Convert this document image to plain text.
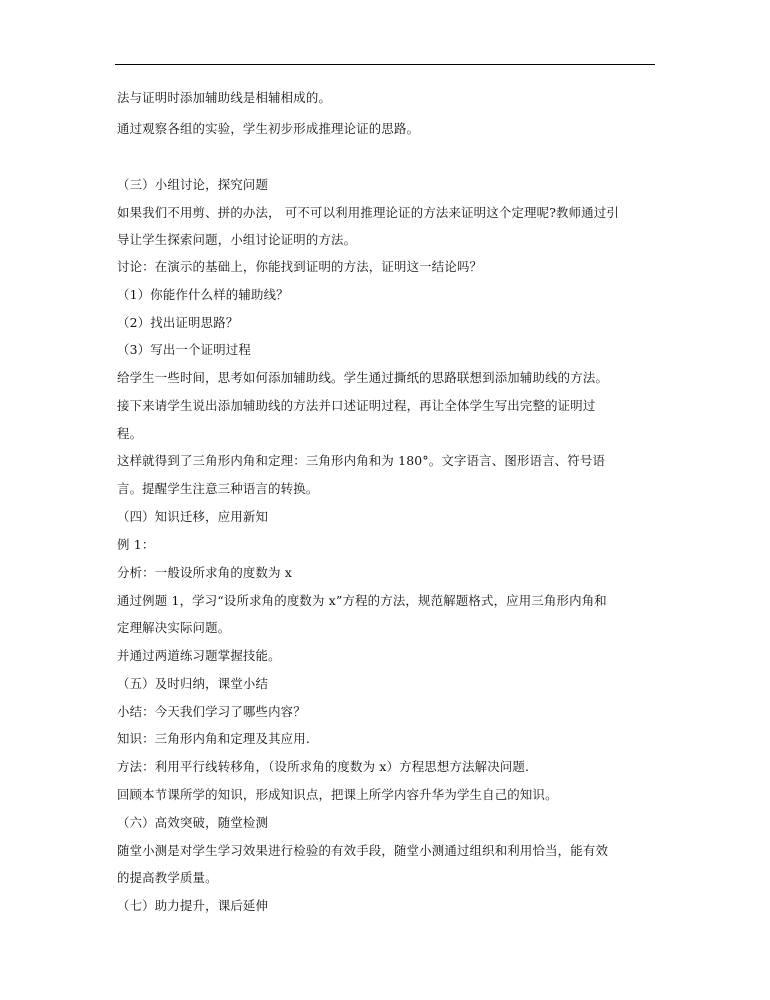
法与证明时添加辅助线是相辅相成的。
通过观察各组的实验，学生初步形成推理论证的思路。
（三）小组讨论，探究问题
如果我们不用剪、拼的办法， 可不可以利用推理论证的方法来证明这个定理呢?教师通过引
导让学生探索问题，小组讨论证明的方法。
讨论：在演示的基础上，你能找到证明的方法，证明这一结论吗？
（1）你能作什么样的辅助线？
（2）找出证明思路？
（3）写出一个证明过程
给学生一些时间，思考如何添加辅助线。学生通过撕纸的思路联想到添加辅助线的方法。
接下来请学生说出添加辅助线的方法并口述证明过程，再让全体学生写出完整的证明过
程。
这样就得到了三角形内角和定理：三角形内角和为 180°。文字语言、图形语言、符号语
言。提醒学生注意三种语言的转换。
（四）知识迁移，应用新知
例 1：
分析：一般设所求角的度数为 x
通过例题 1，学习“设所求角的度数为 x”方程的方法，规范解题格式，应用三角形内角和
定理解决实际问题。
并通过两道练习题掌握技能。
（五）及时归纳，课堂小结
小结：今天我们学习了哪些内容？
知识：三角形内角和定理及其应用.
方法：利用平行线转移角，（设所求角的度数为 x）方程思想方法解决问题.
回顾本节课所学的知识，形成知识点，把课上所学内容升华为学生自己的知识。
（六）高效突破，随堂检测
随堂小测是对学生学习效果进行检验的有效手段，随堂小测通过组织和利用恰当，能有效
的提高教学质量。
（七）助力提升，课后延伸
